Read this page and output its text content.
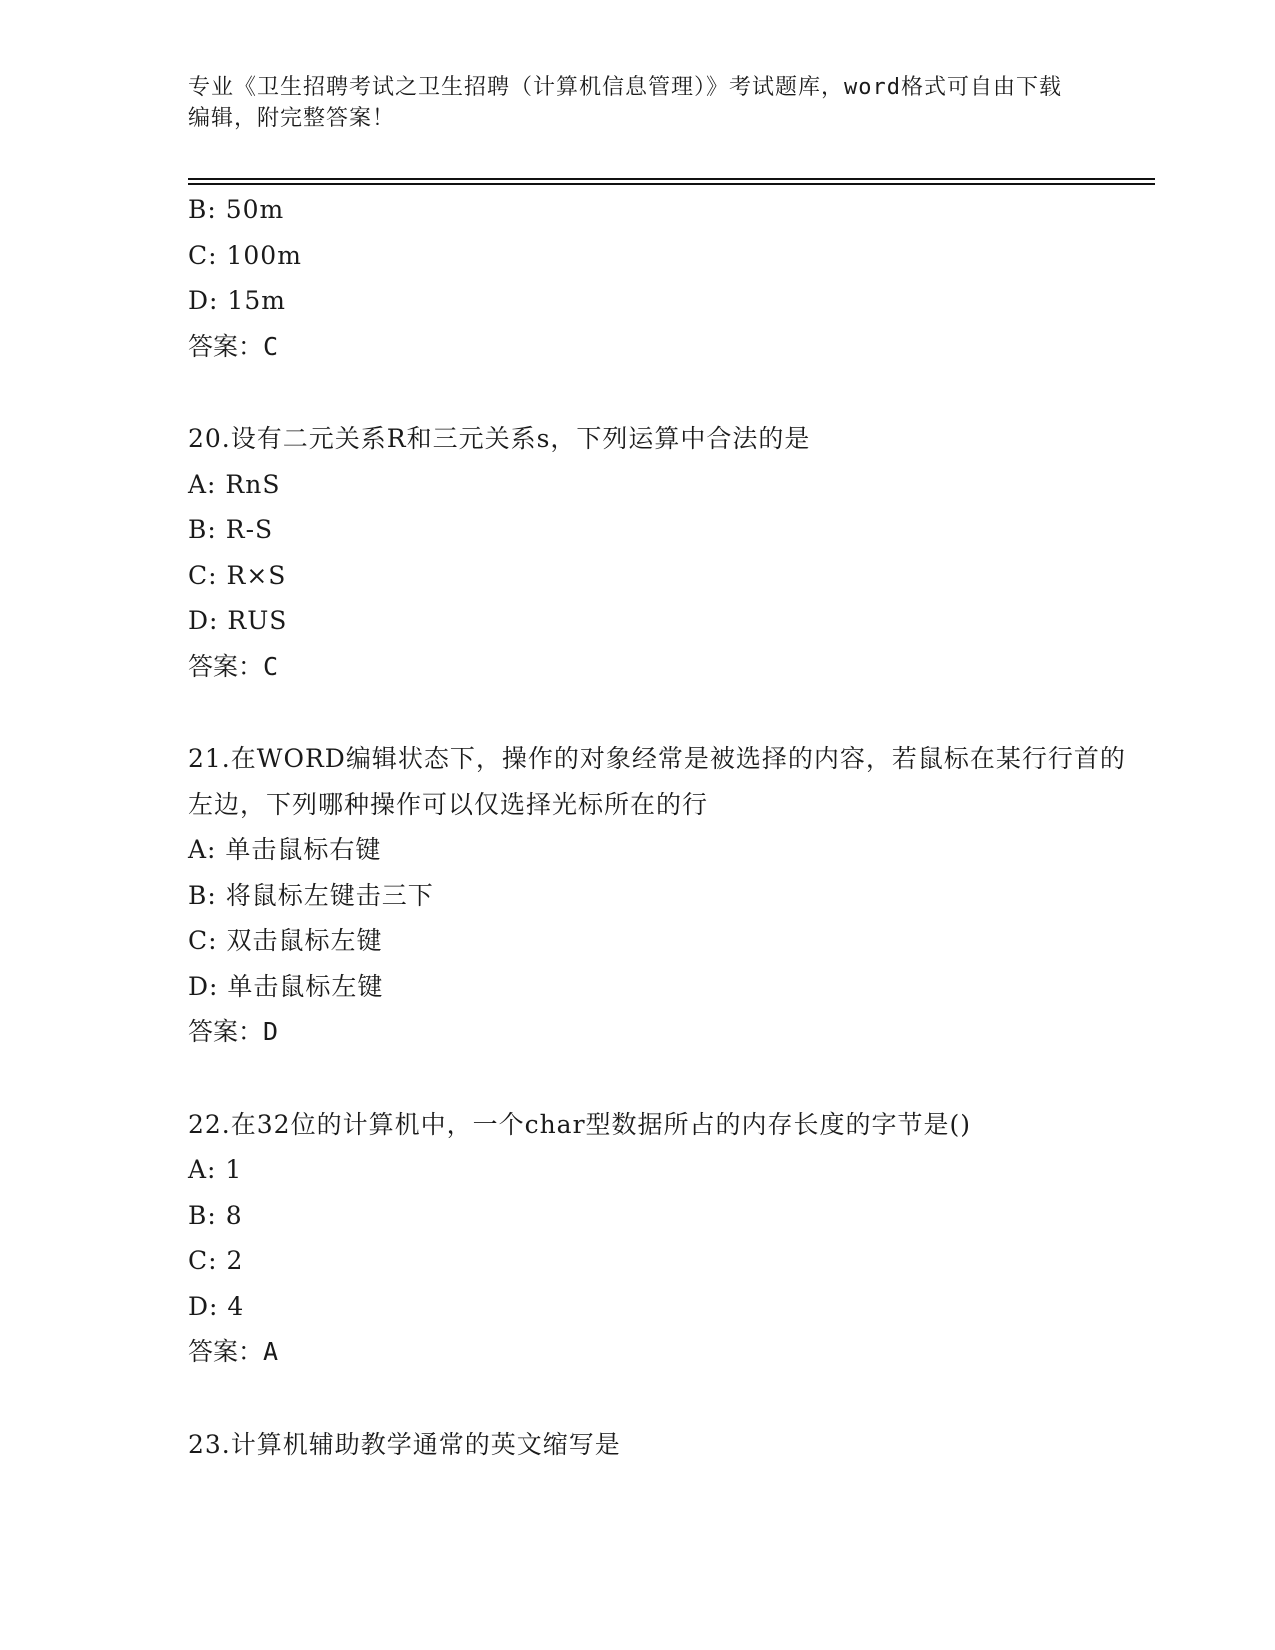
专业《卫生招聘考试之卫生招聘（计算机信息管理）》考试题库，word格式可自由下载编辑，附完整答案！
B: 50m
C: 100m
D: 15m
答案：C
20.设有二元关系R和三元关系s，下列运算中合法的是
A: RnS
B: R-S
C: R×S
D: RUS
答案：C
21.在WORD编辑状态下，操作的对象经常是被选择的内容，若鼠标在某行行首的左边，下列哪种操作可以仅选择光标所在的行
A: 单击鼠标右键
B: 将鼠标左键击三下
C: 双击鼠标左键
D: 单击鼠标左键
答案：D
22.在32位的计算机中，一个char型数据所占的内存长度的字节是()
A: 1
B: 8
C: 2
D: 4
答案：A
23.计算机辅助教学通常的英文缩写是
